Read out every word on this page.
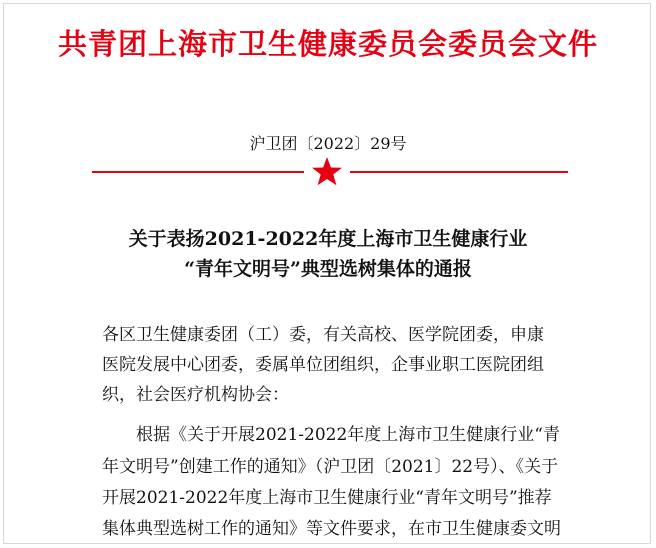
共青团上海市卫生健康委员会委员会文件
沪卫团〔2022〕29号
关于表扬2021-2022年度上海市卫生健康行业
“青年文明号”典型选树集体的通报
各区卫生健康委团（工）委，有关高校、医学院团委，申康
医院发展中心团委，委属单位团组织，企事业职工医院团组
织，社会医疗机构协会：
　　根据《关于开展2021-2022年度上海市卫生健康行业“青
年文明号”创建工作的通知》（沪卫团〔2021〕22号）、《关于
开展2021-2022年度上海市卫生健康行业“青年文明号”推荐
集体典型选树工作的通知》等文件要求，在市卫生健康委文明
